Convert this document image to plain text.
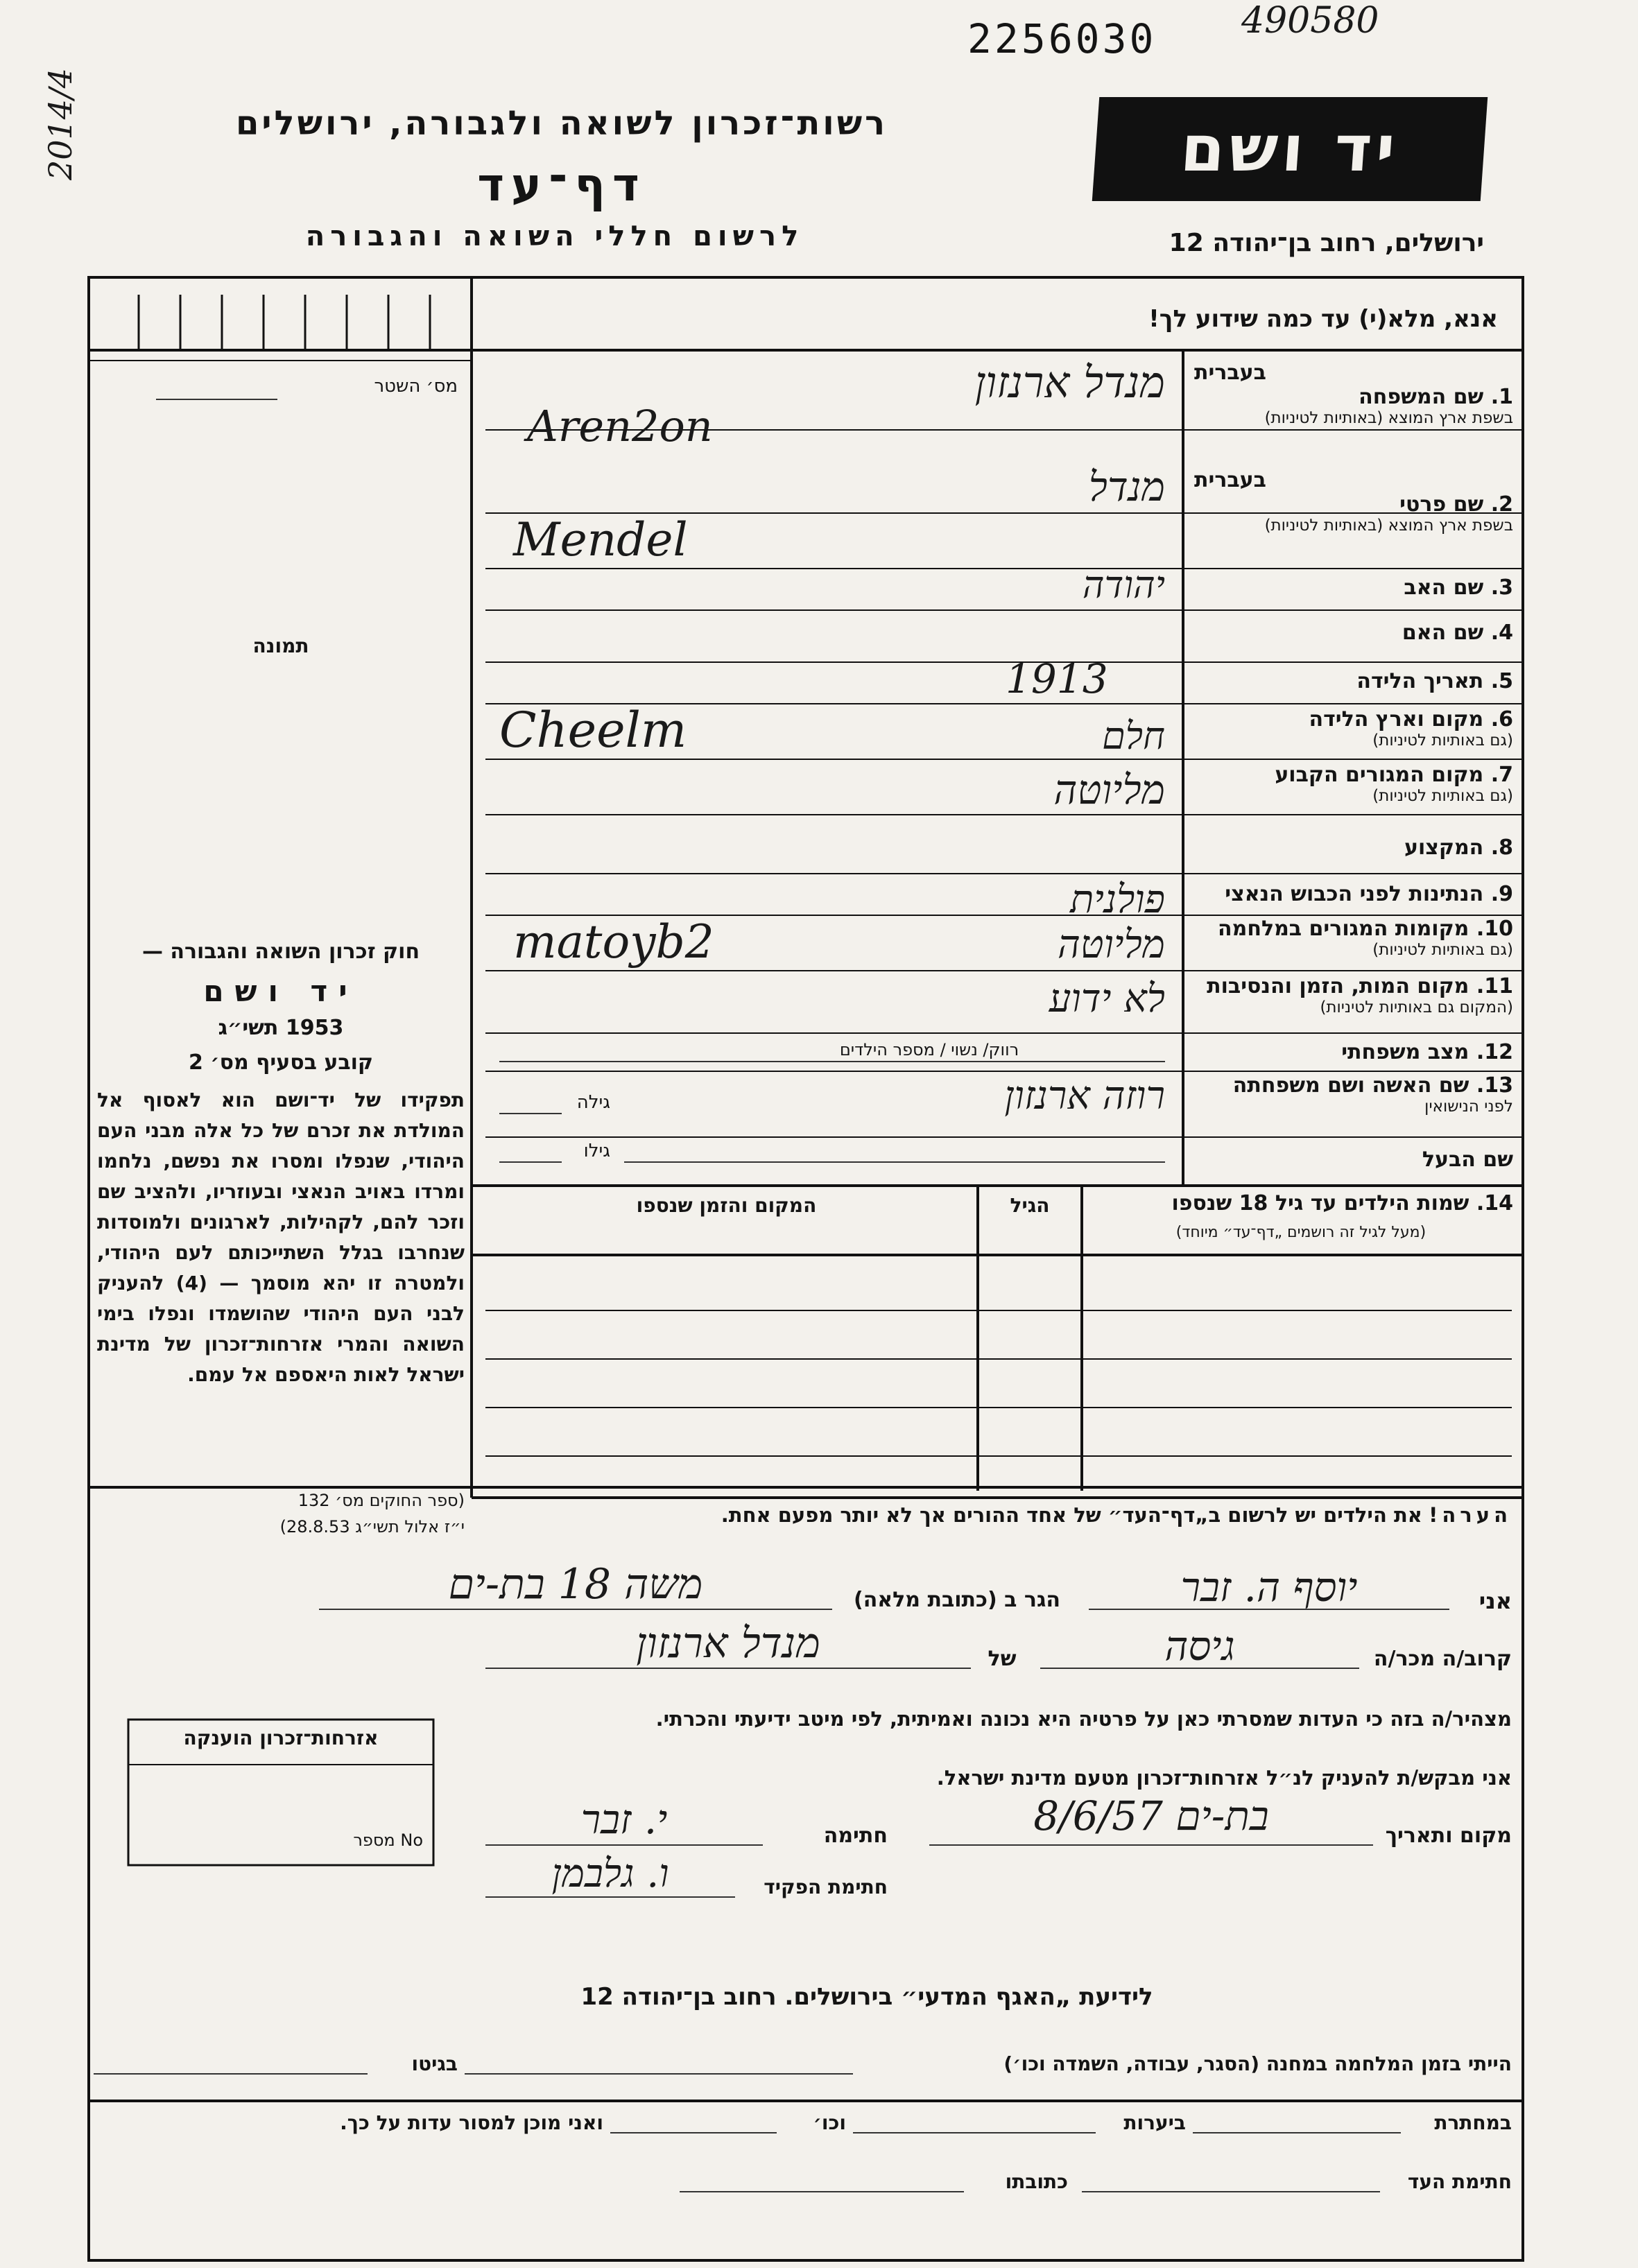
2256030 490580
2014/4	רשות־זכרון לשואה ולגבורה, ירושלים
דף־עד
לרשום חללי השואה והגבורה
יד ושם
ירושלים, רחוב בן־יהודה 12
אנא, מלא(י) עד כמה שידוע לך!
מס׳ השטר
תמונה
בעברית
1. שם המשפחה
בשפת ארץ המוצא (באותיות לטיניות)
בעברית
2. שם פרטי
בשפת ארץ המוצא (באותיות לטיניות)
3. שם האב
4. שם האם
5. תאריך הלידה
6. מקום וארץ הלידה
(גם באותיות לטיניות)
7. מקום המגורים הקבוע
(גם באותיות לטיניות)
8. המקצוע
9. הנתינות לפני הכבוש הנאצי
10. מקומות המגורים במלחמה
(גם באותיות לטיניות)
11. מקום המות, הזמן והנסיבות
(המקום גם באותיות לטיניות)
12. מצב משפחתי
13. שם האשה ושם משפחתה
לפני הנישואין
שם הבעל
מנדל ארנזון
Aren2on
מנדל
Mendel
יהודה
1913
חלם
Cheelm
מליוטה
פולנית
מליוטה
matoyb2
לא ידוע
רווק/ נשוי / מספר הילדים
גילה	רוזה ארנזון
גילו
14. שמות הילדים עד גיל 18 שנספו
(מעל לגיל זה רושמים „דף־עד״ מיוחד)
הגיל
המקום והזמן שנספו
הערה! את הילדים יש לרשום ב„דף־העד״ של אחד ההורים אך לא יותר מפעם אחת.
אני
יוסף ה. זבר
הגר ב (כתובת מלאה)
משה 18 בת-ים
קרוב/ה מכר/ה
גיסה
של
מנדל ארנזון
מצהיר/ה בזה כי העדות שמסרתי כאן על פרטיה היא נכונה ואמיתית, לפי מיטב ידיעתי והכרתי.
אני מבקש/ת להעניק לנ״ל אזרחות־זכרון מטעם מדינת ישראל.
מקום ותאריך
בת-ים 8/6/57
חתימה
י. זבר
חתימת הפקיד
ו. גלבמן
חוק זכרון השואה והגבורה —
יד ושם
1953 תשי״ג
קובע בסעיף מס׳ 2
תפקידו של יד־ושם הוא לאסוף אל המולדת את זכרם של כל אלה מבני העם היהודי, שנפלו ומסרו את נפשם, נלחמו ומרדו באויב הנאצי ובעוזריו, ולהציב שם וזכר להם, לקהילות, לארגונים ולמוסדות שנחרבו בגלל השתייכותם לעם היהודי, ולמטרה זו יהא מוסמך — (4) להעניק לבני העם היהודי שהושמדו ונפלו בימי השואה והמרי אזרחות־זכרון של מדינת ישראל לאות היאספם אל עמם.
(ספר החוקים מס׳ 132
י״ז אלול תשי״ג 28.8.53)
אזרחות־זכרון הוענקה
No מספר
לידיעת „האגף המדעי״ בירושלים. רחוב בן־יהודה 12
הייתי בזמן המלחמה במחנה (הסגר, עבודה, השמדה וכו׳)
בגיטו
במחתרת
ביערות
וכו׳
ואני מוכן למסור עדות על כך.
חתימת העד
כתובתו
